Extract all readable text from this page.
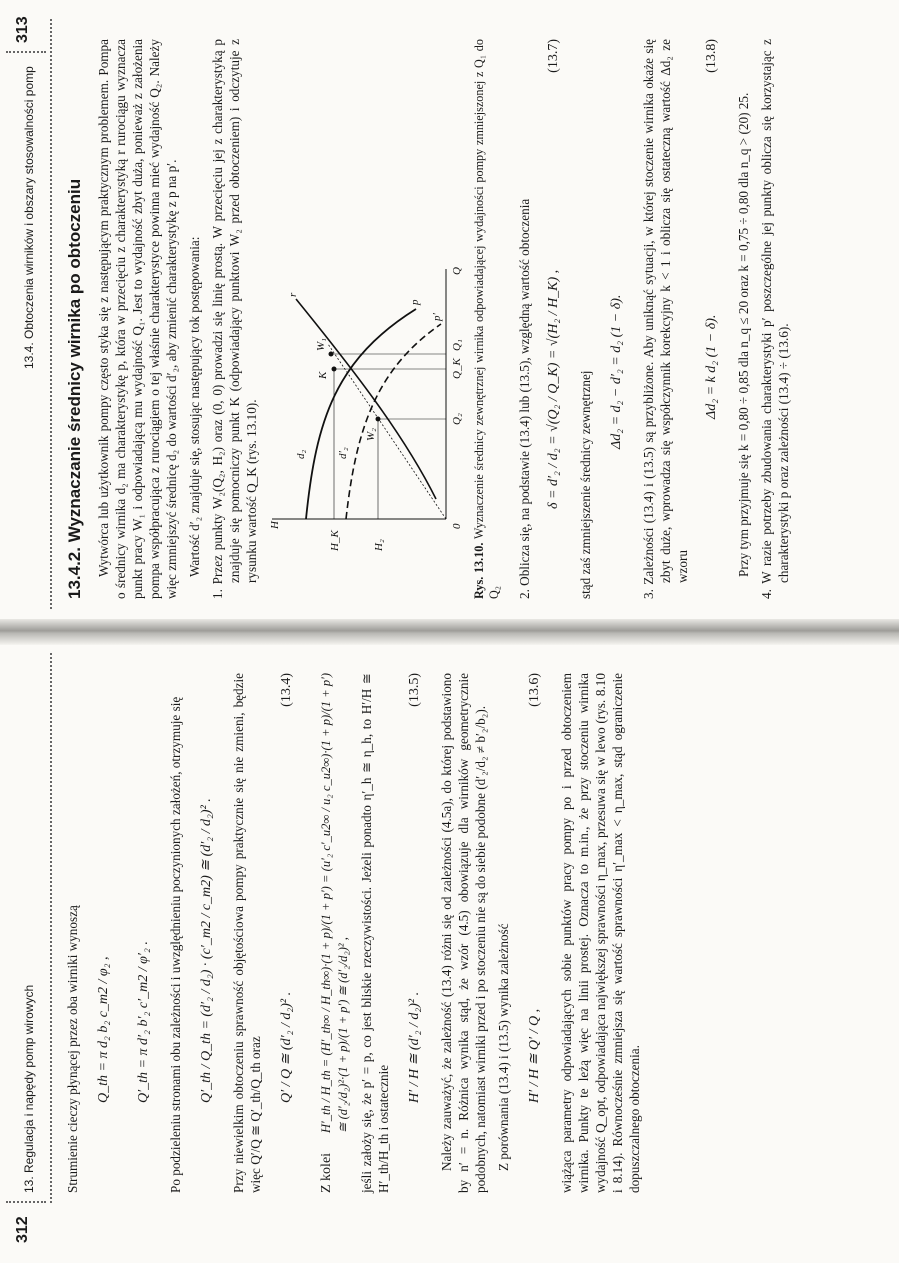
312
13. Regulacja i napędy pomp wirowych Strumienie cieczy płynącej przez oba wirniki wynoszą Q_th = π d₂ b₂ c_m2 / φ₂ , Q′_th = π d′₂ b′₂ c′_m2 / φ′₂ . Po podzieleniu stronami obu zależności i uwzględnieniu poczynionych założeń, otrzymuje się Q′_th / Q_th = (d′₂ / d₂) · (c′_m2 / c_m2) ≅ (d′₂ / d₂)² . Przy niewielkim obtoczeniu sprawność objętościowa pompy praktycznie się nie zmieni, będzie więc Q′/Q ≅ Q′_th/Q_th oraz Q′ / Q ≅ (d′₂ / d₂)² .
(13.4)
Z kolei
H′_th / H_th = (H′_th∞ / H_th∞)·(1 + p)/(1 + p′) = (u′₂ c′_u2∞ / u₂ c_u2∞)·(1 + p)/(1 + p′) ≅ (d′₂/d₂)²·(1 + p)/(1 + p′) ≅ (d′₂/d₂)² , jeśli założy się, że p′ = p, co jest bliskie rzeczywistości. Jeżeli ponadto η′_h ≅ η_h, to H′/H ≅ H′_th/H_th i ostatecznie

H′ / H ≅ (d′₂ / d₂)² .
(13.5) Należy zauważyć, że zależność (13.4) różni się od zależności (4.5a), do której podstawiono by n′ = n. Różnica wynika stąd, że wzór (4.5) obowiązuje dla wirników geometrycznie podobnych, natomiast wirniki przed i po stoczeniu nie są do siebie podobne (d′₂/d₂ ≠ b′₂/b₂). Z porównania (13.4) i (13.5) wynika zależność H′ / H ≅ Q′ / Q ,
(13.6) wiążąca parametry odpowiadających sobie punktów pracy pompy po i przed obtoczeniem wirnika. Punkty te leżą więc na linii prostej. Oznacza to m.in., że przy stoczeniu wirnika wydajność Q_opt, odpowiadająca największej sprawności η_max, przesuwa się w lewo (rys. 8.10 i 8.14). Równocześnie zmniejsza się wartość sprawności η′_max < η_max, stąd ograniczenie dopuszczalnego obtoczenia.

13.4. Obtoczenia wirników i obszary stosowalności pomp
313
13.4.2. Wyznaczanie średnicy wirnika po obtoczeniu Wytwórca lub użytkownik pompy często styka się z następującym praktycznym problemem. Pompa o średnicy wirnika d₂ ma charakterystykę p, która w przecięciu z charakterystyką r rurociągu wyznacza punkt pracy W₁ i odpowiadającą mu wydajność Q₁. Jest to wydajność zbyt duża, ponieważ z założenia pompa współpracująca z rurociągiem o tej właśnie charakterystyce powinna mieć wydajność Q₂. Należy więc zmniejszyć średnicę d₂ do wartości d′₂, aby zmienić charakterystykę z p na p′. Wartość d′₂ znajduje się, stosując następujący tok postępowania: 1. Przez punkty W₂(Q₂, H₂) oraz (0, 0) prowadzi się linię prostą. W przecięciu jej z charakterystyką p znajduje się pomocniczy punkt K (odpowiadający punktowi W₂ przed obtoczeniem) i odczytuje z rysunku wartość Q_K (rys. 13.10). H
Q
0
H_K	H₂
Q₂
Q_K
Q₁
d₂	d′₂
K
W₁
W₂
r
p
p′

Rys. 13.10. Wyznaczenie średnicy zewnętrznej wirnika odpowiadającej wydajności pompy zmniejszonej z Q₁ do Q₂ 2. Oblicza się, na podstawie (13.4) lub (13.5), względną wartość obtoczenia δ = d′₂ / d₂ = √(Q₂ / Q_K) = √(H₂ / H_K) ,
(13.7)

stąd zaś zmniejszenie średnicy zewnętrznej Δd₂ = d₂ − d′₂ = d₂ (1 − δ). 3. Zależności (13.4) i (13.5) są przybliżone. Aby uniknąć sytuacji, w której stoczenie wirnika okaże się zbyt duże, wprowadza się współczynnik korekcyjny k < 1 i oblicza się ostateczną wartość Δd₂ ze wzoru

Δd₂ = k d₂ (1 − δ).
(13.8)

Przy tym przyjmuje się k = 0,80 ÷ 0,85 dla n_q ≤ 20 oraz k = 0,75 ÷ 0,80 dla n_q > (20) 25. 4. W razie potrzeby zbudowania charakterystyki p′ poszczególne jej punkty oblicza się korzystając z charakterystyki p oraz zależności (13.4) ÷ (13.6).
